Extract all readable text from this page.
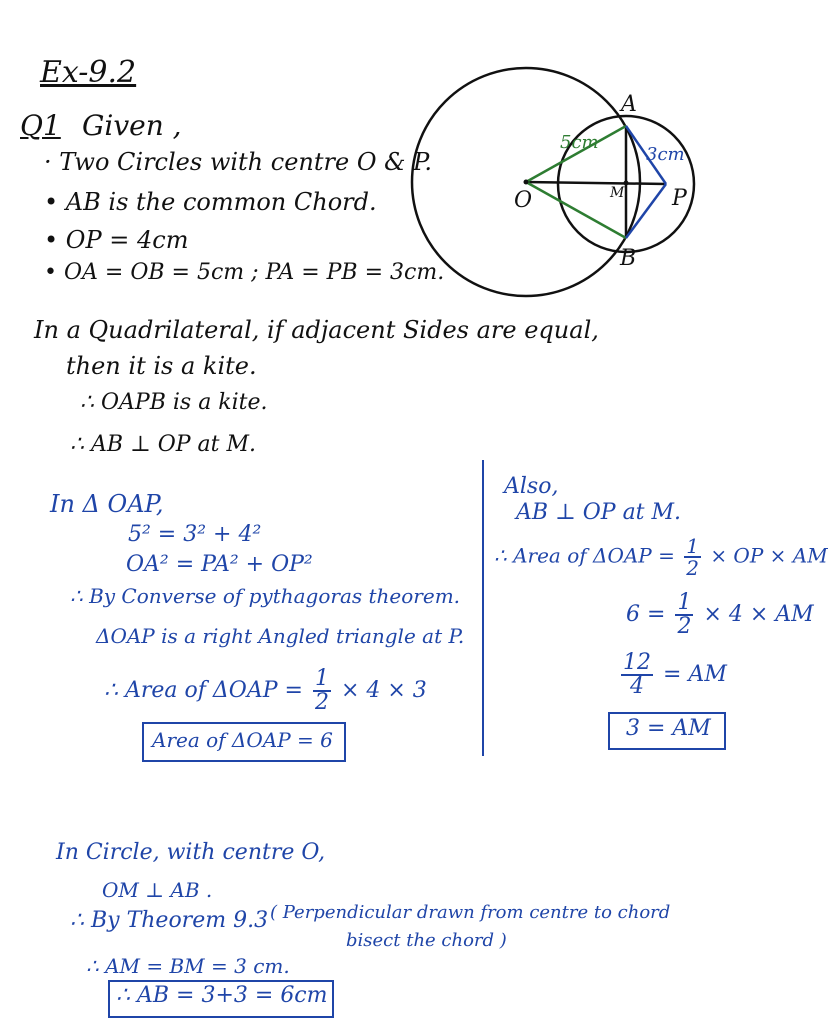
Ex-9.2
Q1 Given ,
· Two Circles with centre O & P.
• AB is the common Chord.
• OP = 4cm
• OA = OB = 5cm ; PA = PB = 3cm.
A
B
O	P
M
5cm
3cm
In a Quadrilateral, if adjacent Sides are equal,
then it is a kite.
∴ OAPB is a kite.
∴ AB ⊥ OP at M.
In Δ OAP,
5² = 3² + 4²
OA² = PA² + OP²
∴ By Converse of pythagoras theorem.
ΔOAP is a right Angled triangle at P.
∴ Area of $\Delta OAP = \frac{1}{2} \times 4 \times 3$
Area of ΔOAP = 6
Also,
AB ⊥ OP at M.
∴ Area of $\Delta OAP = \frac{1}{2}$ × OP × AM
$6 = \frac{1}{2} \times 4$ × AM
$\frac{12}{4}$ = AM
3 = AM
In Circle, with centre O,
OM ⊥ AB .
∴ By Theorem 9.3 ( Perpendicular drawn from centre to chord
bisect the chord )
∴ AM = BM = 3 cm.
∴ AB = 3+3 = 6cm
